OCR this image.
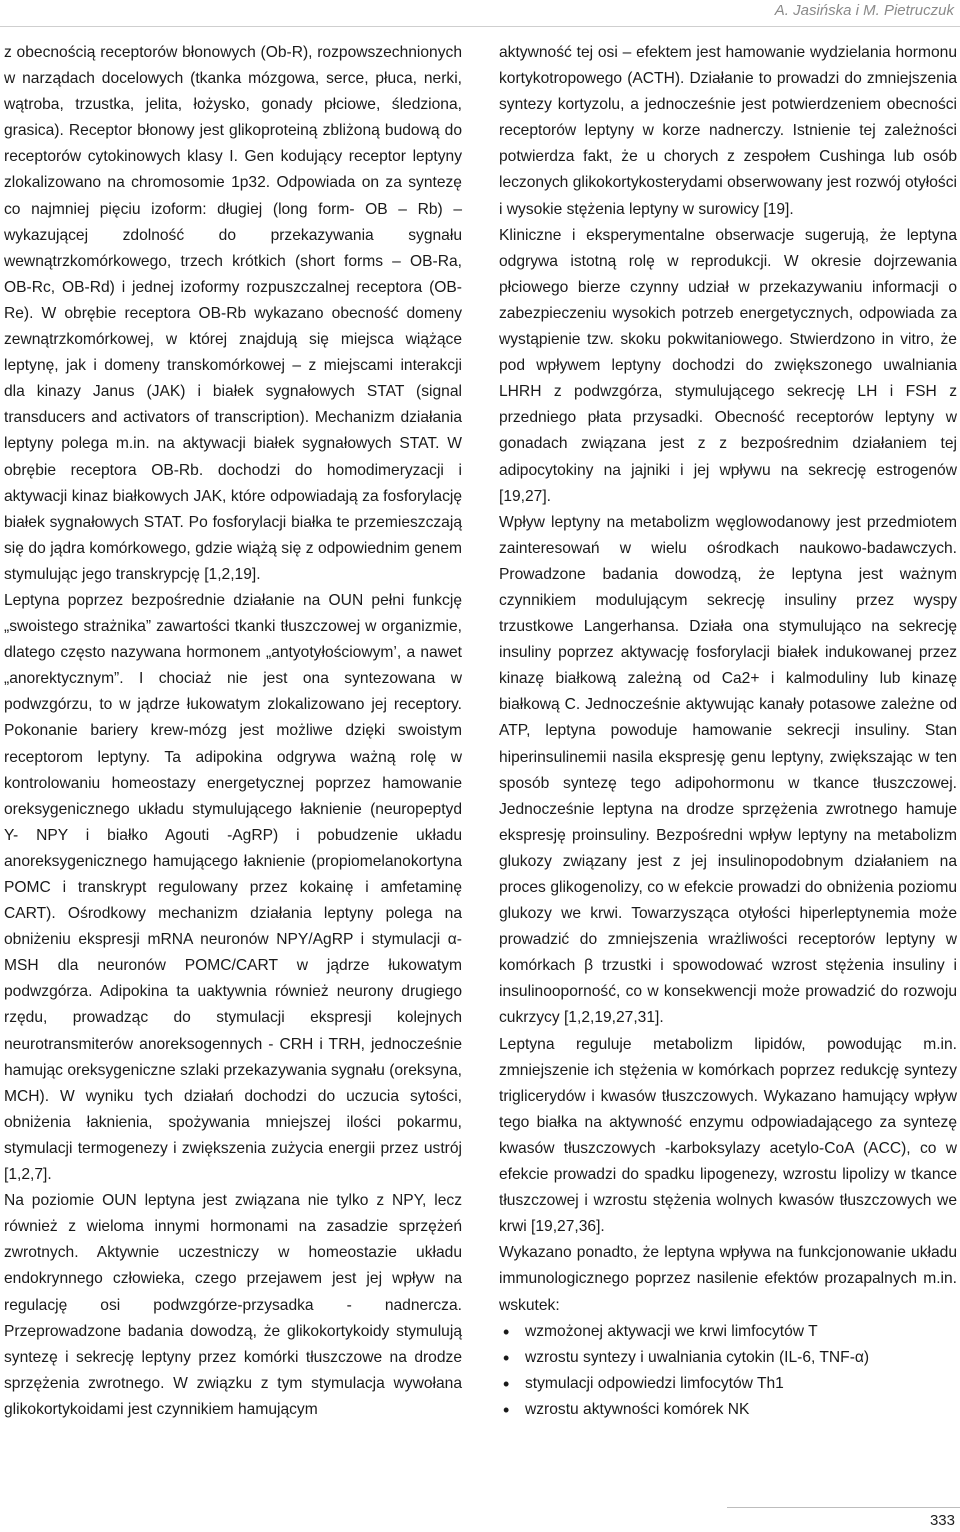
A. Jasińska i M. Pietruczuk

z obecnością receptorów błonowych (Ob-R), rozpowszechnionych w narządach docelowych (tkanka mózgowa, serce, płuca, nerki, wątroba, trzustka, jelita, łożysko, gonady płciowe, śledziona, grasica). Receptor błonowy jest glikoproteiną zbliżoną budową do receptorów cytokinowych klasy I. Gen kodujący receptor leptyny zlokalizowano na chromosomie 1p32. Odpowiada on za syntezę co najmniej pięciu izoform: długiej (long form- OB – Rb) – wykazującej zdolność do przekazywania sygnału wewnątrzkomórkowego, trzech krótkich (short forms – OB-Ra, OB-Rc, OB-Rd) i jednej izoformy rozpuszczalnej receptora (OB-Re). W obrębie receptora OB-Rb wykazano obecność domeny zewnątrzkomórkowej, w której znajdują się miejsca wiążące leptynę, jak i domeny transkomórkowej – z miejscami interakcji dla kinazy Janus (JAK) i białek sygnałowych STAT (signal transducers and activators of transcription). Mechanizm działania leptyny polega m.in. na aktywacji białek sygnałowych STAT. W obrębie receptora OB-Rb. dochodzi do homodimeryzacji i aktywacji kinaz białkowych JAK, które odpowiadają za fosforylację białek sygnałowych STAT. Po fosforylacji białka te przemieszczają się do jądra komórkowego, gdzie wiążą się z odpowiednim genem stymulując jego transkrypcję [1,2,19].

Leptyna poprzez bezpośrednie działanie na OUN pełni funkcję „swoistego strażnika” zawartości tkanki tłuszczowej w organizmie, dlatego często nazywana hormonem „antyotyłościowym’, a nawet „anorektycznym”. I chociaż nie jest ona syntezowana w podwzgórzu, to w jądrze łukowatym zlokalizowano jej receptory. Pokonanie bariery krew-mózg jest możliwe dzięki swoistym receptorom leptyny. Ta adipokina odgrywa ważną rolę w kontrolowaniu homeostazy energetycznej poprzez hamowanie oreksygenicznego układu stymulującego łaknienie (neuropeptyd Y- NPY i białko Agouti -AgRP) i pobudzenie układu anoreksygenicznego hamującego łaknienie (propiomelanokortyna POMC i transkrypt regulowany przez kokainę i amfetaminę CART). Ośrodkowy mechanizm działania leptyny polega na obniżeniu ekspresji mRNA neuronów NPY/AgRP i stymulacji α-MSH dla neuronów POMC/CART w jądrze łukowatym podwzgórza. Adipokina ta uaktywnia również neurony drugiego rzędu, prowadząc do stymulacji ekspresji kolejnych neurotransmiterów anoreksogennych - CRH i TRH, jednocześnie hamując oreksygeniczne szlaki przekazywania sygnału (oreksyna, MCH). W wyniku tych działań dochodzi do uczucia sytości, obniżenia łaknienia, spożywania mniejszej ilości pokarmu, stymulacji termogenezy i zwiększenia zużycia energii przez ustrój [1,2,7].

Na poziomie OUN leptyna jest związana nie tylko z NPY, lecz również z wieloma innymi hormonami na zasadzie sprzężeń zwrotnych. Aktywnie uczestniczy w homeostazie układu endokrynnego człowieka, czego przejawem jest jej wpływ na regulację osi podwzgórze-przysadka - nadnercza. Przeprowadzone badania dowodzą, że glikokortykoidy stymulują syntezę i sekrecję leptyny przez komórki tłuszczowe na drodze sprzężenia zwrotnego. W związku z tym stymulacja wywołana glikokortykoidami jest czynnikiem hamującym

aktywność tej osi – efektem jest hamowanie wydzielania hormonu kortykotropowego (ACTH). Działanie to prowadzi do zmniejszenia syntezy kortyzolu, a jednocześnie jest potwierdzeniem obecności receptorów leptyny w korze nadnerczy. Istnienie tej zależności potwierdza fakt, że u chorych z zespołem Cushinga lub osób leczonych glikokortykosterydami obserwowany jest rozwój otyłości i wysokie stężenia leptyny w surowicy [19].

Kliniczne i eksperymentalne obserwacje sugerują, że leptyna odgrywa istotną rolę w reprodukcji. W okresie dojrzewania płciowego bierze czynny udział w przekazywaniu informacji o zabezpieczeniu wysokich potrzeb energetycznych, odpowiada za wystąpienie tzw. skoku pokwitaniowego. Stwierdzono in vitro, że pod wpływem leptyny dochodzi do zwiększonego uwalniania LHRH z podwzgórza, stymulującego sekrecję LH i FSH z przedniego płata przysadki. Obecność receptorów leptyny w gonadach związana jest z z bezpośrednim działaniem tej adipocytokiny na jajniki i jej wpływu na sekrecję estrogenów [19,27].

Wpływ leptyny na metabolizm węglowodanowy jest przedmiotem zainteresowań w wielu ośrodkach naukowo-badawczych. Prowadzone badania dowodzą, że leptyna jest ważnym czynnikiem modulującym sekrecję insuliny przez wyspy trzustkowe Langerhansa. Działa ona stymulująco na sekrecję insuliny poprzez aktywację fosforylacji białek indukowanej przez kinazę białkową zależną od Ca2+ i kalmoduliny lub kinazę białkową C. Jednocześnie aktywując kanały potasowe zależne od ATP, leptyna powoduje hamowanie sekrecji insuliny. Stan hiperinsulinemii nasila ekspresję genu leptyny, zwiększając w ten sposób syntezę tego adipohormonu w tkance tłuszczowej. Jednocześnie leptyna na drodze sprzężenia zwrotnego hamuje ekspresję proinsuliny. Bezpośredni wpływ leptyny na metabolizm glukozy związany jest z jej insulinopodobnym działaniem na proces glikogenolizy, co w efekcie prowadzi do obniżenia poziomu glukozy we krwi. Towarzysząca otyłości hiperleptynemia może prowadzić do zmniejszenia wrażliwości receptorów leptyny w komórkach β trzustki i spowodować wzrost stężenia insuliny i insulinooporność, co w konsekwencji może prowadzić do rozwoju cukrzycy [1,2,19,27,31].

Leptyna reguluje metabolizm lipidów, powodując m.in. zmniejszenie ich stężenia w komórkach poprzez redukcję syntezy triglicerydów i kwasów tłuszczowych. Wykazano hamujący wpływ tego białka na aktywność enzymu odpowiadającego za syntezę kwasów tłuszczowych -karboksylazy acetylo-CoA (ACC), co w efekcie prowadzi do spadku lipogenezy, wzrostu lipolizy w tkance tłuszczowej i wzrostu stężenia wolnych kwasów tłuszczowych we krwi [19,27,36].

Wykazano ponadto, że leptyna wpływa na funkcjonowanie układu immunologicznego poprzez nasilenie efektów prozapalnych m.in. wskutek:

• wzmożonej aktywacji we krwi limfocytów T
• wzrostu syntezy i uwalniania cytokin (IL-6, TNF-α)
• stymulacji odpowiedzi limfocytów Th1
• wzrostu aktywności komórek NK
333
